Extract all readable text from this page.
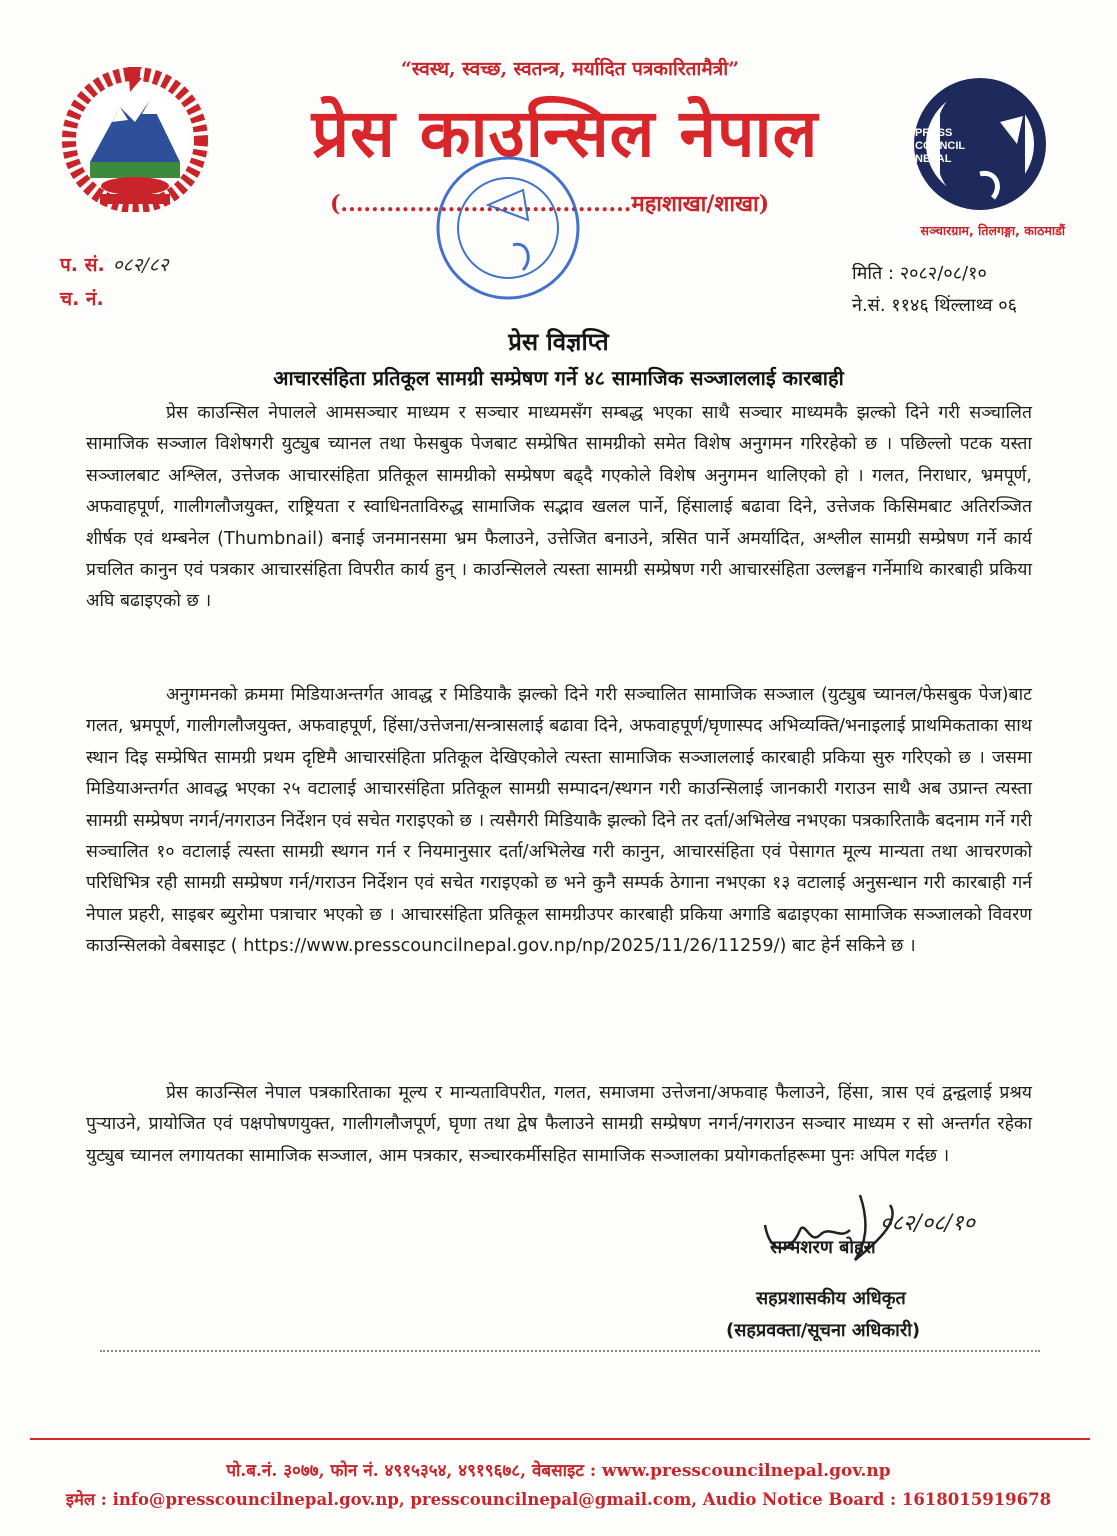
“स्वस्थ, स्वच्छ, स्वतन्त्र, मर्यादित पत्रकारितामैत्री”
प्रेस काउन्सिल नेपाल
(......................................महाशाखा/शाखा)
PRESS
COUNCIL
NEPAL
सञ्चारग्राम, तिलगङ्गा, काठमाडौं
प. सं. ०८२/८२
च. नं.
मिति : २०८२/०८/१०
ने.सं. ११४६ थिंल्लाथ्व ०६
प्रेस विज्ञप्ति
आचारसंहिता प्रतिकूल सामग्री सम्प्रेषण गर्ने ४८ सामाजिक सञ्जाललाई कारबाही
प्रेस काउन्सिल नेपालले आमसञ्चार माध्यम र सञ्चार माध्यमसँग सम्बद्ध भएका साथै सञ्चार माध्यमकै झल्को दिने गरी सञ्चालित सामाजिक सञ्जाल विशेषगरी युट्युब च्यानल तथा फेसबुक पेजबाट सम्प्रेषित सामग्रीको समेत विशेष अनुगमन गरिरहेको छ । पछिल्लो पटक यस्ता सञ्जालबाट अश्लिल, उत्तेजक आचारसंहिता प्रतिकूल सामग्रीको सम्प्रेषण बढ्दै गएकोले विशेष अनुगमन थालिएको हो । गलत, निराधार, भ्रमपूर्ण, अफवाहपूर्ण, गालीगलौजयुक्त, राष्ट्रियता र स्वाधिनताविरुद्ध सामाजिक सद्भाव खलल पार्ने, हिंसालाई बढावा दिने, उत्तेजक किसिमबाट अतिरञ्जित शीर्षक एवं थम्बनेल (Thumbnail) बनाई जनमानसमा भ्रम फैलाउने, उत्तेजित बनाउने, त्रसित पार्ने अमर्यादित, अश्लील सामग्री सम्प्रेषण गर्ने कार्य प्रचलित कानुन एवं पत्रकार आचारसंहिता विपरीत कार्य हुन् । काउन्सिलले त्यस्ता सामग्री सम्प्रेषण गरी आचारसंहिता उल्लङ्घन गर्नेमाथि कारबाही प्रकिया अघि बढाइएको छ ।
अनुगमनको क्रममा मिडियाअन्तर्गत आवद्ध र मिडियाकै झल्को दिने गरी सञ्चालित सामाजिक सञ्जाल (युट्युब च्यानल/फेसबुक पेज)बाट गलत, भ्रमपूर्ण, गालीगलौजयुक्त, अफवाहपूर्ण, हिंसा/उत्तेजना/सन्त्रासलाई बढावा दिने, अफवाहपूर्ण/घृणास्पद अभिव्यक्ति/भनाइलाई प्राथमिकताका साथ स्थान दिइ सम्प्रेषित सामग्री प्रथम दृष्टिमै आचारसंहिता प्रतिकूल देखिएकोले त्यस्ता सामाजिक सञ्जाललाई कारबाही प्रकिया सुरु गरिएको छ । जसमा मिडियाअन्तर्गत आवद्ध भएका २५ वटालाई आचारसंहिता प्रतिकूल सामग्री सम्पादन/स्थगन गरी काउन्सिलाई जानकारी गराउन साथै अब उप्रान्त त्यस्ता सामग्री सम्प्रेषण नगर्न/नगराउन निर्देशन एवं सचेत गराइएको छ । त्यसैगरी मिडियाकै झल्को दिने तर दर्ता/अभिलेख नभएका पत्रकारिताकै बदनाम गर्ने गरी सञ्चालित १० वटालाई त्यस्ता सामग्री स्थगन गर्न र नियमानुसार दर्ता/अभिलेख गरी कानुन, आचारसंहिता एवं पेसागत मूल्य मान्यता तथा आचरणको परिधिभित्र रही सामग्री सम्प्रेषण गर्न/गराउन निर्देशन एवं सचेत गराइएको छ भने कुनै सम्पर्क ठेगाना नभएका १३ वटालाई अनुसन्धान गरी कारबाही गर्न नेपाल प्रहरी, साइबर ब्युरोमा पत्राचार भएको छ । आचारसंहिता प्रतिकूल सामग्रीउपर कारबाही प्रकिया अगाडि बढाइएका सामाजिक सञ्जालको विवरण काउन्सिलको वेबसाइट ( https://www.presscouncilnepal.gov.np/np/2025/11/26/11259/) बाट हेर्न सकिने छ ।
प्रेस काउन्सिल नेपाल पत्रकारिताका मूल्य र मान्यताविपरीत, गलत, समाजमा उत्तेजना/अफवाह फैलाउने, हिंसा, त्रास एवं द्वन्द्वलाई प्रश्रय पुऱ्याउने, प्रायोजित एवं पक्षपोषणयुक्त, गालीगलौजपूर्ण, घृणा तथा द्वेष फैलाउने सामग्री सम्प्रेषण नगर्न/नगराउन सञ्चार माध्यम र सो अन्तर्गत रहेका युट्युब च्यानल लगायतका सामाजिक सञ्जाल, आम पत्रकार, सञ्चारकर्मीसहित सामाजिक सञ्जालका प्रयोगकर्ताहरूमा पुनः अपिल गर्दछ ।
०८२/०८/१०
सम्भशरण बोहरा
सहप्रशासकीय अधिकृत
(सहप्रवक्ता/सूचना अधिकारी)
पो.ब.नं. ३०७७, फोन नं. ४९१५३५४, ४९१९६७८, वेबसाइट : www.presscouncilnepal.gov.np
इमेल : info@presscouncilnepal.gov.np, presscouncilnepal@gmail.com, Audio Notice Board : 1618015919678
